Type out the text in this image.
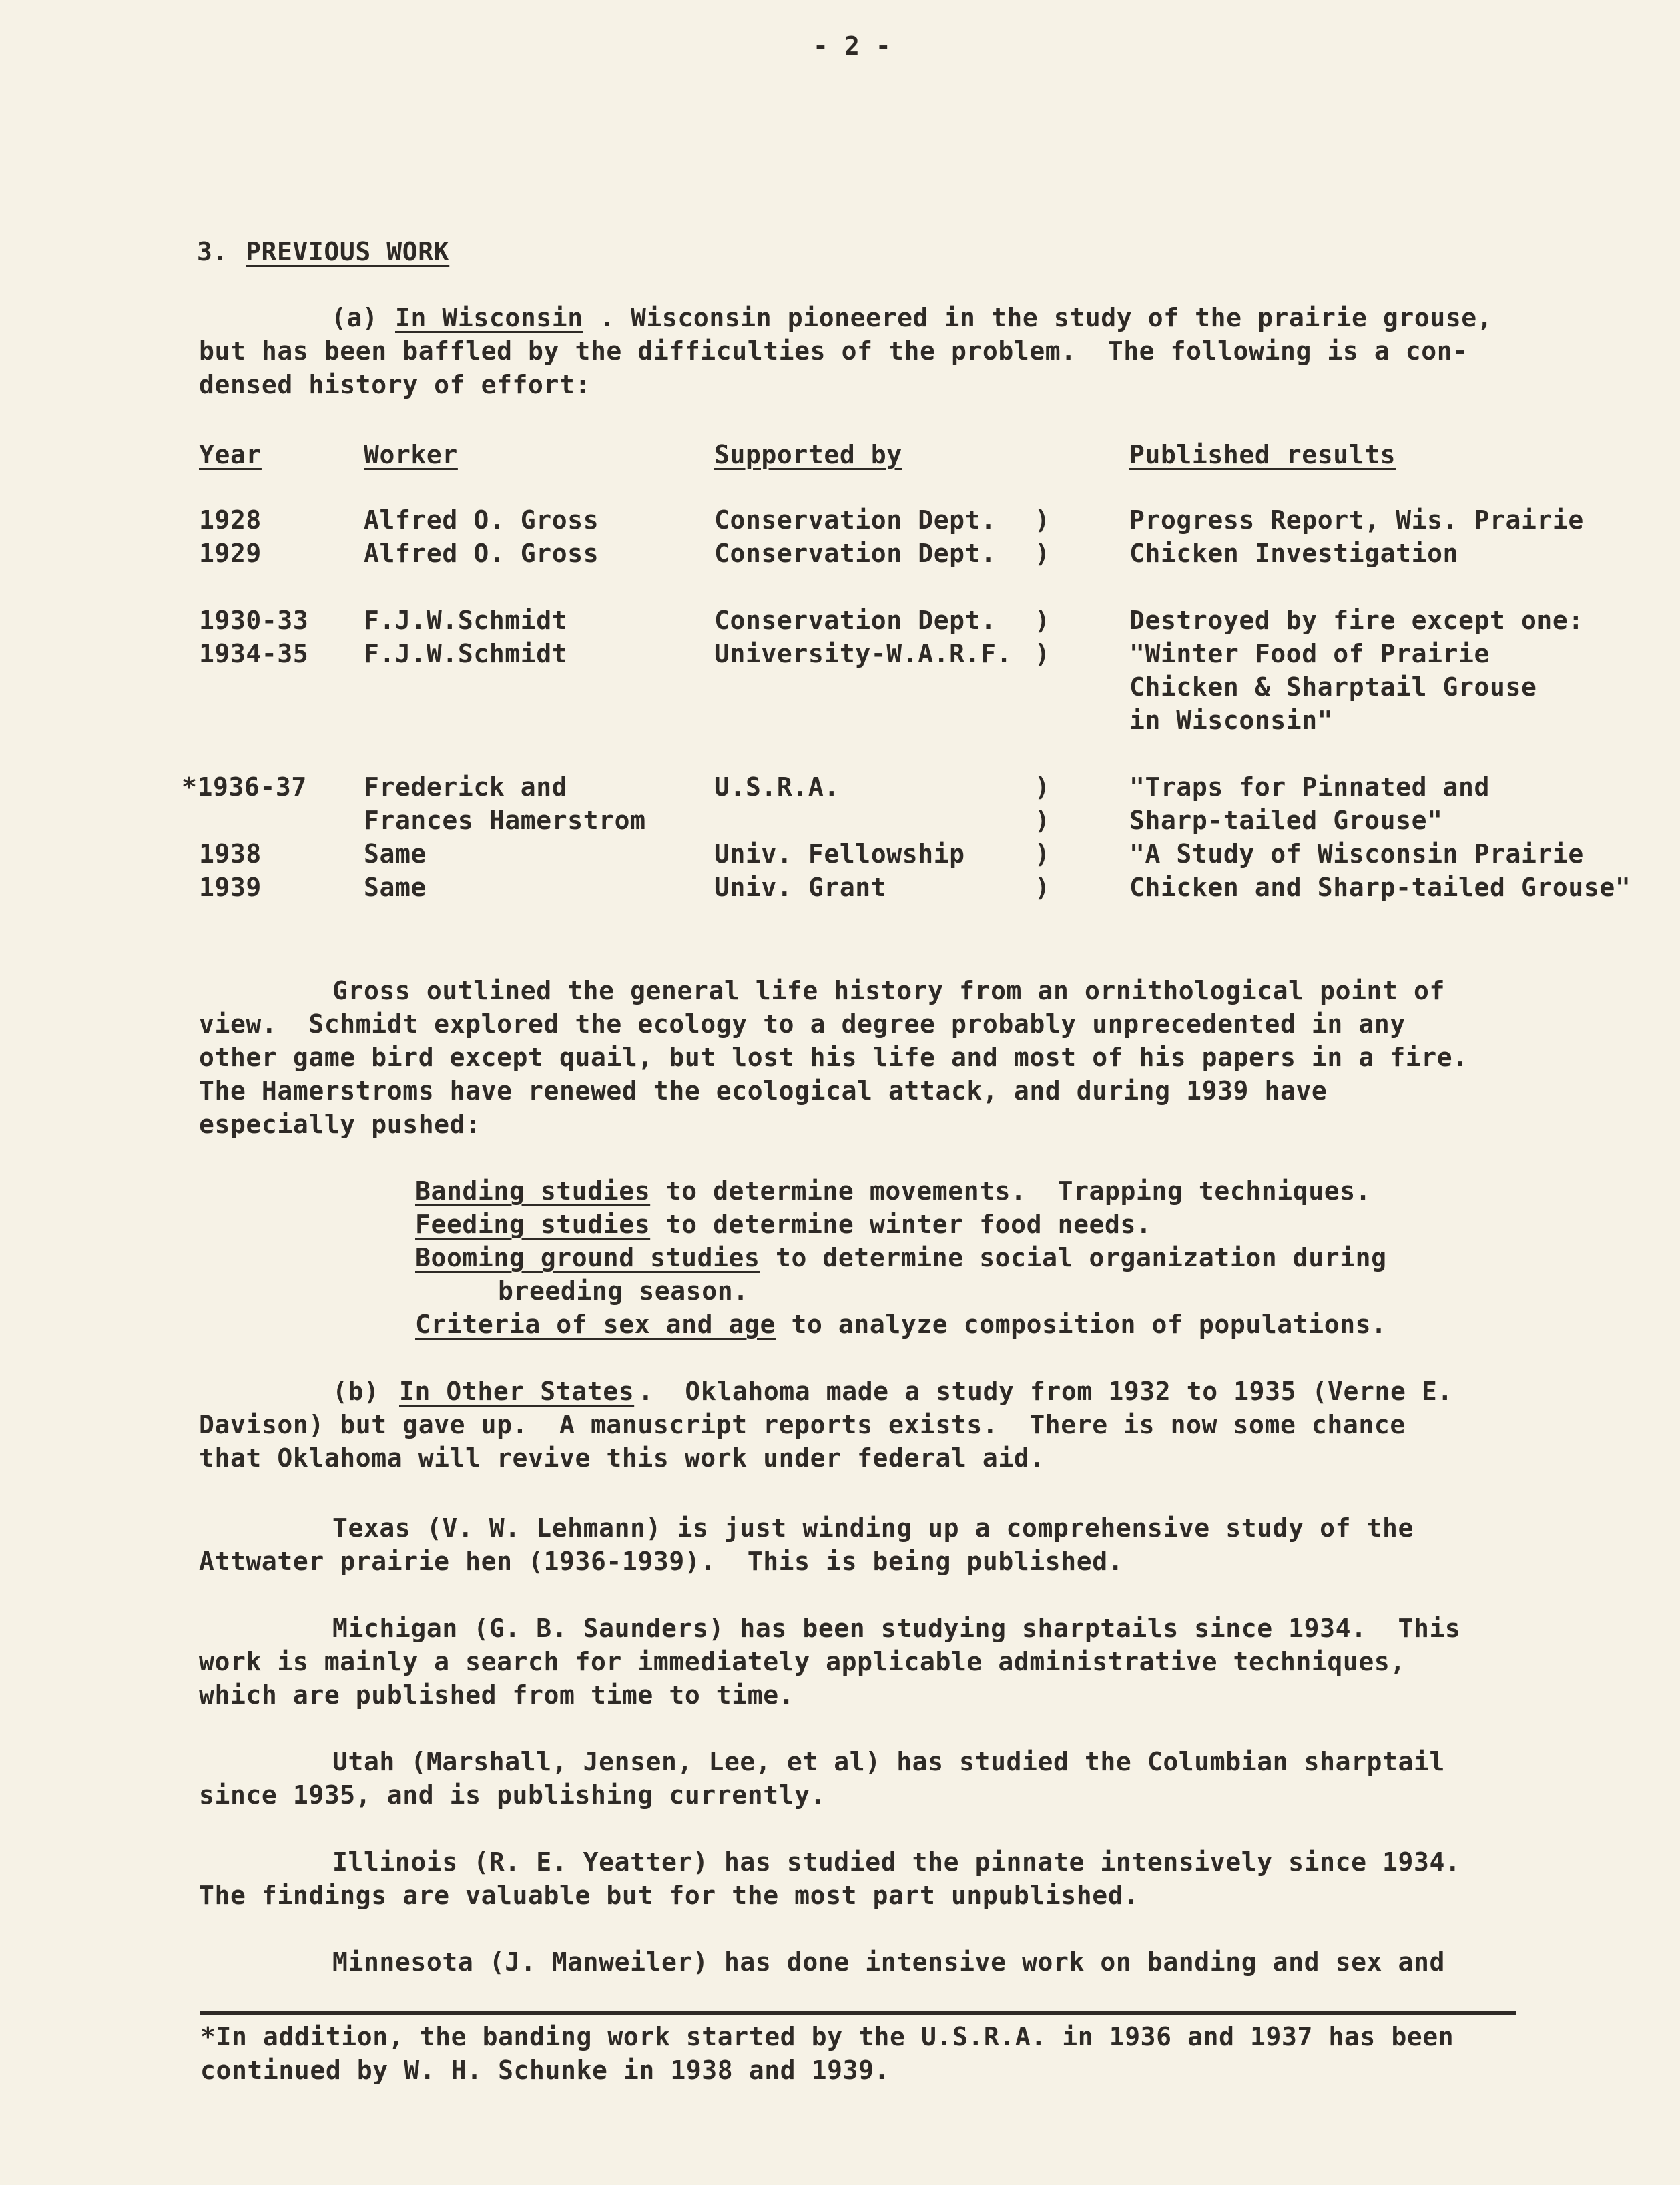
- 2 -
3. PREVIOUS WORK
(a) In Wisconsin . Wisconsin pioneered in the study of the prairie grouse,
but has been baffled by the difficulties of the problem.  The following is a con-
densed history of effort:
Year	Worker	Supported by	Published results
1928	Alfred O. Gross	Conservation Dept. )	Progress Report, Wis. Prairie
1929	Alfred O. Gross	Conservation Dept. )	Chicken Investigation
1930-33 F.J.W.Schmidt	Conservation Dept. )	Destroyed by fire except one:
1934-35 F.J.W.Schmidt	University-W.A.R.F. )	"Winter Food of Prairie
Chicken & Sharptail Grouse
in Wisconsin"
*1936-37 Frederick and	U.S.R.A.	)	"Traps for Pinnated and
Frances Hamerstrom	)	Sharp-tailed Grouse"
1938	Same	Univ. Fellowship	)	"A Study of Wisconsin Prairie
1939	Same	Univ. Grant	)	Chicken and Sharp-tailed Grouse"
Gross outlined the general life history from an ornithological point of
view.  Schmidt explored the ecology to a degree probably unprecedented in any
other game bird except quail, but lost his life and most of his papers in a fire.
The Hamerstroms have renewed the ecological attack, and during 1939 have
especially pushed:
Banding studies to determine movements.  Trapping techniques.
Feeding studies to determine winter food needs.
Booming ground studies to determine social organization during
breeding season.
Criteria of sex and age to analyze composition of populations.
(b) In Other States .  Oklahoma made a study from 1932 to 1935 (Verne E.
Davison) but gave up.  A manuscript reports exists.  There is now some chance
that Oklahoma will revive this work under federal aid.
Texas (V. W. Lehmann) is just winding up a comprehensive study of the
Attwater prairie hen (1936-1939).  This is being published.
Michigan (G. B. Saunders) has been studying sharptails since 1934.  This
work is mainly a search for immediately applicable administrative techniques,
which are published from time to time.
Utah (Marshall, Jensen, Lee, et al) has studied the Columbian sharptail
since 1935, and is publishing currently.
Illinois (R. E. Yeatter) has studied the pinnate intensively since 1934.
The findings are valuable but for the most part unpublished.
Minnesota (J. Manweiler) has done intensive work on banding and sex and
*In addition, the banding work started by the U.S.R.A. in 1936 and 1937 has been
continued by W. H. Schunke in 1938 and 1939.
